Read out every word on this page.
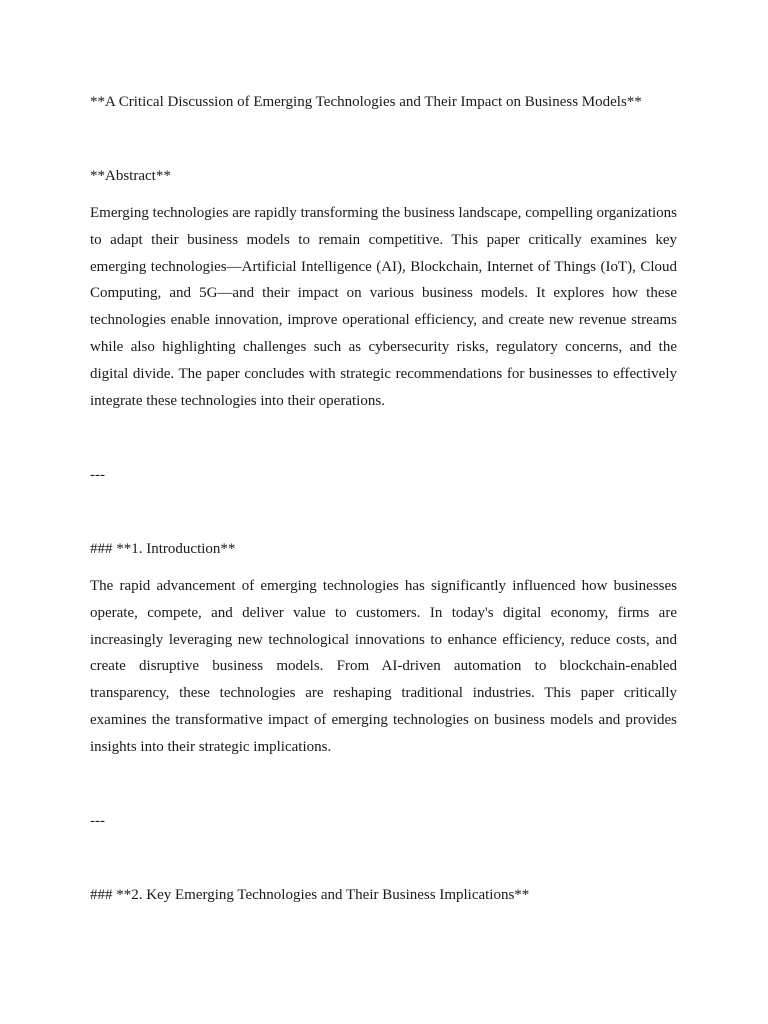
**A Critical Discussion of Emerging Technologies and Their Impact on Business Models**

**Abstract**

Emerging technologies are rapidly transforming the business landscape, compelling organizations to adapt their business models to remain competitive. This paper critically examines key emerging technologies—Artificial Intelligence (AI), Blockchain, Internet of Things (IoT), Cloud Computing, and 5G—and their impact on various business models. It explores how these technologies enable innovation, improve operational efficiency, and create new revenue streams while also highlighting challenges such as cybersecurity risks, regulatory concerns, and the digital divide. The paper concludes with strategic recommendations for businesses to effectively integrate these technologies into their operations.

---

### **1. Introduction**

The rapid advancement of emerging technologies has significantly influenced how businesses operate, compete, and deliver value to customers. In today's digital economy, firms are increasingly leveraging new technological innovations to enhance efficiency, reduce costs, and create disruptive business models. From AI-driven automation to blockchain-enabled transparency, these technologies are reshaping traditional industries. This paper critically examines the transformative impact of emerging technologies on business models and provides insights into their strategic implications.

---

### **2. Key Emerging Technologies and Their Business Implications**
